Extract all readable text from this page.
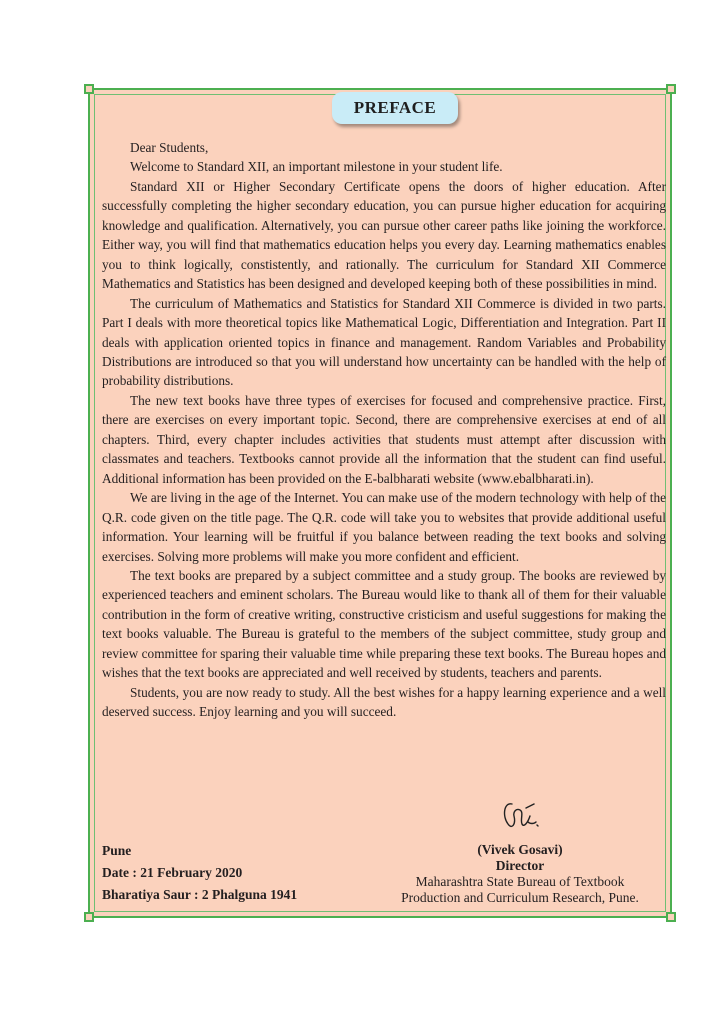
PREFACE

Dear Students,

Welcome to Standard XII, an important milestone in your student life.

Standard XII or Higher Secondary Certificate opens the doors of higher education. After successfully completing the higher secondary education, you can pursue higher education for acquiring knowledge and qualification. Alternatively, you can pursue other career paths like joining the workforce. Either way, you will find that mathematics education helps you every day. Learning mathematics enables you to think logically, constistently, and rationally. The curriculum for Standard XII Commerce Mathematics and Statistics has been designed and developed keeping both of these possibilities in mind.

The curriculum of Mathematics and Statistics for Standard XII Commerce is divided in two parts. Part I deals with more theoretical topics like Mathematical Logic, Differentiation and Integration. Part II deals with application oriented topics in finance and management. Random Variables and Probability Distributions are introduced so that you will understand how uncertainty can be handled with the help of probability distributions.

The new text books have three types of exercises for focused and comprehensive practice. First, there are exercises on every important topic. Second, there are comprehensive exercises at end of all chapters. Third, every chapter includes activities that students must attempt after discussion with classmates and teachers. Textbooks cannot provide all the information that the student can find useful. Additional information has been provided on the E-balbharati website (www.ebalbharati.in).

We are living in the age of the Internet. You can make use of the modern technology with help of the Q.R. code given on the title page. The Q.R. code will take you to websites that provide additional useful information. Your learning will be fruitful if you balance between reading the text books and solving exercises. Solving more problems will make you more confident and efficient.

The text books are prepared by a subject committee and a study group. The books are reviewed by experienced teachers and eminent scholars. The Bureau would like to thank all of them for their valuable contribution in the form of creative writing, constructive cristicism and useful suggestions for making the text books valuable. The Bureau is grateful to the members of the subject committee, study group and review committee for sparing their valuable time while preparing these text books. The Bureau hopes and wishes that the text books are appreciated and well received by students, teachers and parents.

Students, you are now ready to study. All the best wishes for a happy learning experience and a well deserved success. Enjoy learning and you will succeed.

Pune
Date : 21 February 2020
Bharatiya Saur : 2 Phalguna 1941
(Vivek Gosavi)
Director
Maharashtra State Bureau of Textbook
Production and Curriculum Research, Pune.
